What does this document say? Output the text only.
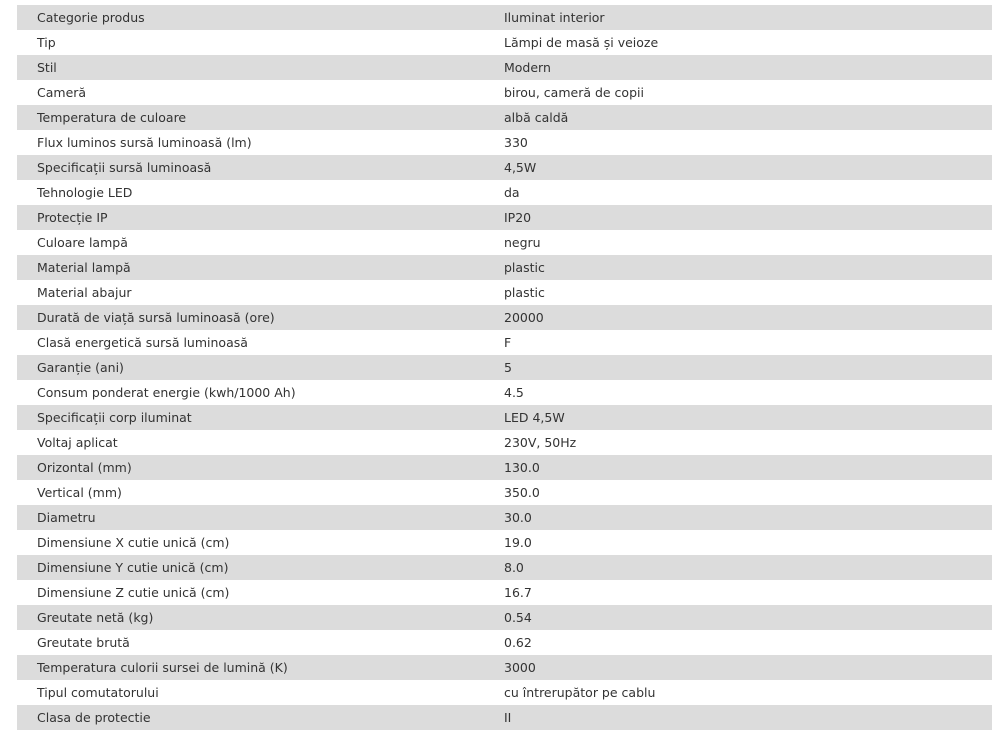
Categorie produs	Iluminat interior
Tip	Lămpi de masă și veioze
Stil	Modern
Cameră	birou, cameră de copii
Temperatura de culoare	albă caldă
Flux luminos sursă luminoasă (lm)	330
Specificații sursă luminoasă	4,5W
Tehnologie LED	da
Protecție IP	IP20
Culoare lampă	negru
Material lampă	plastic
Material abajur	plastic
Durată de viață sursă luminoasă (ore)	20000
Clasă energetică sursă luminoasă	F
Garanție (ani)	5
Consum ponderat energie (kwh/1000 Ah)	4.5
Specificații corp iluminat	LED 4,5W
Voltaj aplicat	230V, 50Hz
Orizontal (mm)	130.0
Vertical (mm)	350.0
Diametru	30.0
Dimensiune X cutie unică (cm)	19.0
Dimensiune Y cutie unică (cm)	8.0
Dimensiune Z cutie unică (cm)	16.7
Greutate netă (kg)	0.54
Greutate brută	0.62
Temperatura culorii sursei de lumină (K)	3000
Tipul comutatorului	cu întrerupător pe cablu
Clasa de protectie	II
